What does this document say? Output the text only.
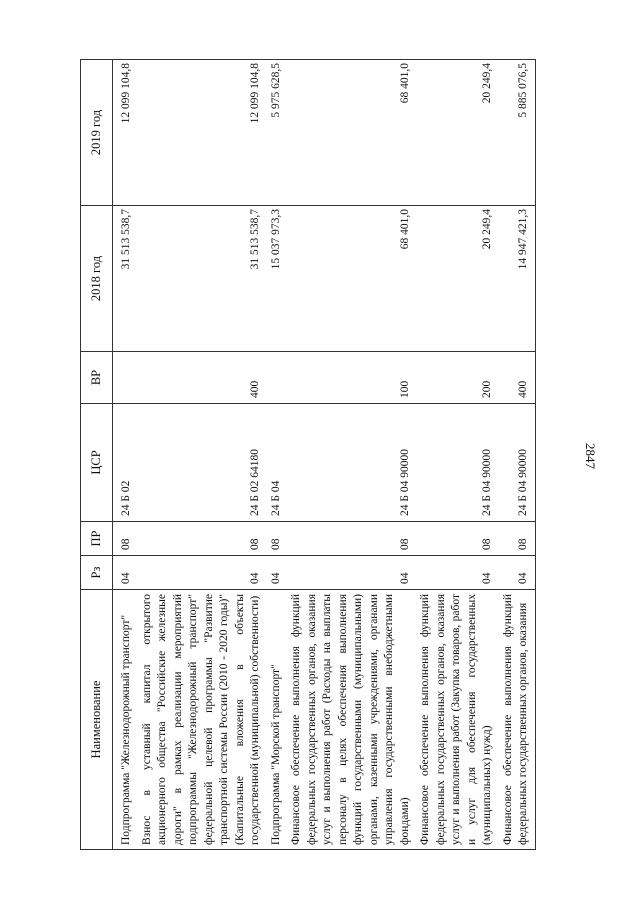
2847
Наименование	Рз	ПР	ЦСР	ВР	2018 год	2019 год

Подпрограмма "Железнодорожный транспорт"	04	08	24 Б 02		31 513 538,7	12 099 104,8
Взнос в уставный капитал открытого акционерного общества "Российские железные дороги" в рамках реализации мероприятий подпрограммы "Железнодорожный транспорт" федеральной целевой программы "Развитие транспортной системы России (2010 - 2020 годы)" (Капитальные вложения в объекты государственной (муниципальной) собственности)	04	08	24 Б 02 64180	400	31 513 538,7	12 099 104,8
Подпрограмма "Морской транспорт"	04	08	24 Б 04		15 037 973,3	5 975 628,5
Финансовое обеспечение выполнения функций федеральных государственных органов, оказания услуг и выполнения работ (Расходы на выплаты персоналу в целях обеспечения выполнения функций государственными (муниципальными) органами, казенными учреждениями, органами управления государственными внебюджетными фондами)	04	08	24 Б 04 90000	100	68 401,0	68 401,0
Финансовое обеспечение выполнения функций федеральных государственных органов, оказания услуг и выполнения работ (Закупка товаров, работ и услуг для обеспечения государственных (муниципальных) нужд)	04	08	24 Б 04 90000	200	20 249,4	20 249,4
Финансовое обеспечение выполнения функций федеральных государственных органов, оказания	04	08	24 Б 04 90000	400	14 947 421,3	5 885 076,5
